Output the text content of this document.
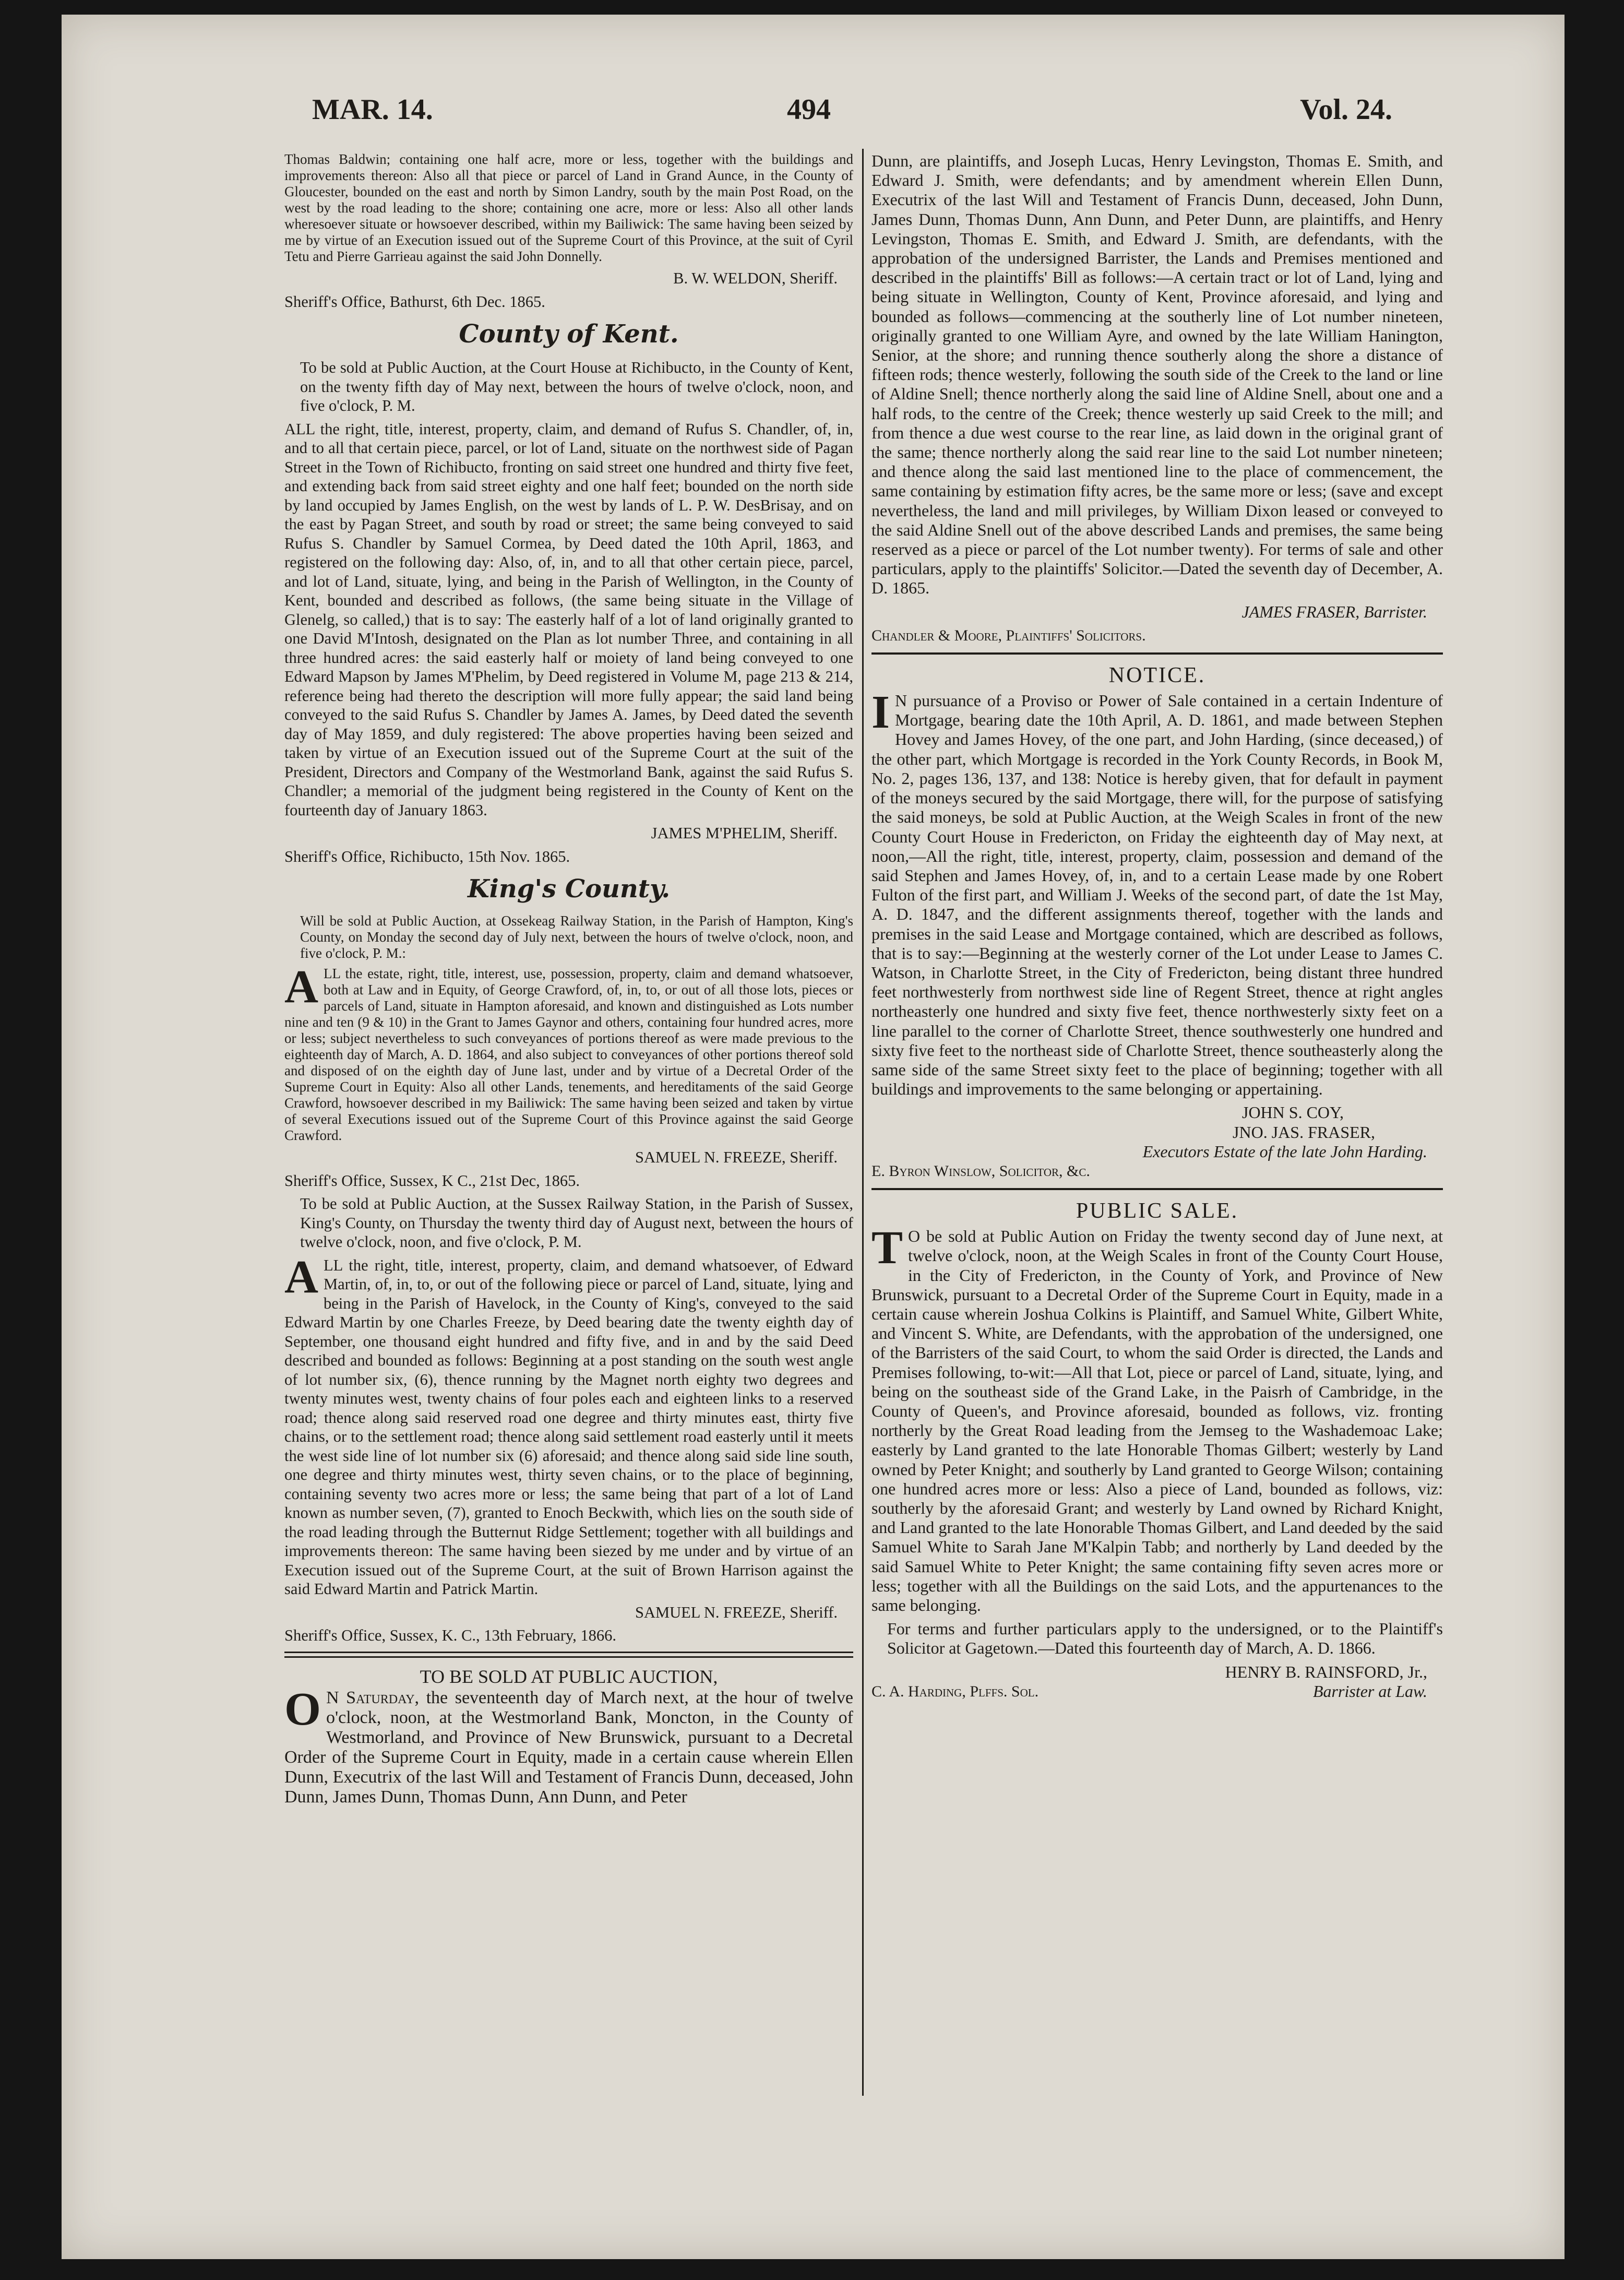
MAR. 14.	494	Vol. 24.

Thomas Baldwin; containing one half acre, more or less, together with the buildings and improvements thereon: Also all that piece or parcel of Land in Grand Aunce, in the County of Gloucester, bounded on the east and north by Simon Landry, south by the main Post Road, on the west by the road leading to the shore; containing one acre, more or less: Also all other lands wheresoever situate or howsoever described, within my Bailiwick: The same having been seized by me by virtue of an Execution issued out of the Supreme Court of this Province, at the suit of Cyril Tetu and Pierre Garrieau against the said John Donnelly.

B. W. WELDON, Sheriff.

Sheriff's Office, Bathurst, 6th Dec. 1865.

County of Kent.

To be sold at Public Auction, at the Court House at Richibucto, in the County of Kent, on the twenty fifth day of May next, between the hours of twelve o'clock, noon, and five o'clock, P. M.

ALL the right, title, interest, property, claim, and demand of Rufus S. Chandler, of, in, and to all that certain piece, parcel, or lot of Land, situate on the northwest side of Pagan Street in the Town of Richibucto, fronting on said street one hundred and thirty five feet, and extending back from said street eighty and one half feet; bounded on the north side by land occupied by James English, on the west by lands of L. P. W. DesBrisay, and on the east by Pagan Street, and south by road or street; the same being conveyed to said Rufus S. Chandler by Samuel Cormea, by Deed dated the 10th April, 1863, and registered on the following day: Also, of, in, and to all that other certain piece, parcel, and lot of Land, situate, lying, and being in the Parish of Wellington, in the County of Kent, bounded and described as follows, (the same being situate in the Village of Glenelg, so called,) that is to say: The easterly half of a lot of land originally granted to one David M'Intosh, designated on the Plan as lot number Three, and containing in all three hundred acres: the said easterly half or moiety of land being conveyed to one Edward Mapson by James M'Phelim, by Deed registered in Volume M, page 213 & 214, reference being had thereto the description will more fully appear; the said land being conveyed to the said Rufus S. Chandler by James A. James, by Deed dated the seventh day of May 1859, and duly registered: The above properties having been seized and taken by virtue of an Execution issued out of the Supreme Court at the suit of the President, Directors and Company of the Westmorland Bank, against the said Rufus S. Chandler; a memorial of the judgment being registered in the County of Kent on the fourteenth day of January 1863.

JAMES M'PHELIM, Sheriff.

Sheriff's Office, Richibucto, 15th Nov. 1865.

King's County.

Will be sold at Public Auction, at Ossekeag Railway Station, in the Parish of Hampton, King's County, on Monday the second day of July next, between the hours of twelve o'clock, noon, and five o'clock, P. M.:

ALL the estate, right, title, interest, use, possession, property, claim and demand whatsoever, both at Law and in Equity, of George Crawford, of, in, to, or out of all those lots, pieces or parcels of Land, situate in Hampton aforesaid, and known and distinguished as Lots number nine and ten (9 & 10) in the Grant to James Gaynor and others, containing four hundred acres, more or less; subject nevertheless to such conveyances of portions thereof as were made previous to the eighteenth day of March, A. D. 1864, and also subject to conveyances of other portions thereof sold and disposed of on the eighth day of June last, under and by virtue of a Decretal Order of the Supreme Court in Equity: Also all other Lands, tenements, and hereditaments of the said George Crawford, howsoever described in my Bailiwick: The same having been seized and taken by virtue of several Executions issued out of the Supreme Court of this Province against the said George Crawford.

SAMUEL N. FREEZE, Sheriff.

Sheriff's Office, Sussex, K C., 21st Dec, 1865.

To be sold at Public Auction, at the Sussex Railway Station, in the Parish of Sussex, King's County, on Thursday the twenty third day of August next, between the hours of twelve o'clock, noon, and five o'clock, P. M.

ALL the right, title, interest, property, claim, and demand whatsoever, of Edward Martin, of, in, to, or out of the following piece or parcel of Land, situate, lying and being in the Parish of Havelock, in the County of King's, conveyed to the said Edward Martin by one Charles Freeze, by Deed bearing date the twenty eighth day of September, one thousand eight hundred and fifty five, and in and by the said Deed described and bounded as follows: Beginning at a post standing on the south west angle of lot number six, (6), thence running by the Magnet north eighty two degrees and twenty minutes west, twenty chains of four poles each and eighteen links to a reserved road; thence along said reserved road one degree and thirty minutes east, thirty five chains, or to the settlement road; thence along said settlement road easterly until it meets the west side line of lot number six (6) aforesaid; and thence along said side line south, one degree and thirty minutes west, thirty seven chains, or to the place of beginning, containing seventy two acres more or less; the same being that part of a lot of Land known as number seven, (7), granted to Enoch Beckwith, which lies on the south side of the road leading through the Butternut Ridge Settlement; together with all buildings and improvements thereon: The same having been siezed by me under and by virtue of an Execution issued out of the Supreme Court, at the suit of Brown Harrison against the said Edward Martin and Patrick Martin.

SAMUEL N. FREEZE, Sheriff.

Sheriff's Office, Sussex, K. C., 13th February, 1866.

TO BE SOLD AT PUBLIC AUCTION,

O N Saturday, the seventeenth day of March next, at the hour of twelve o'clock, noon, at the Westmorland Bank, Moncton, in the County of Westmorland, and Province of New Brunswick, pursuant to a Decretal Order of the Supreme Court in Equity, made in a certain cause wherein Ellen Dunn, Executrix of the last Will and Testament of Francis Dunn, deceased, John Dunn, James Dunn, Thomas Dunn, Ann Dunn, and Peter

Dunn, are plaintiffs, and Joseph Lucas, Henry Levingston, Thomas E. Smith, and Edward J. Smith, were defendants; and by amendment wherein Ellen Dunn, Executrix of the last Will and Testament of Francis Dunn, deceased, John Dunn, James Dunn, Thomas Dunn, Ann Dunn, and Peter Dunn, are plaintiffs, and Henry Levingston, Thomas E. Smith, and Edward J. Smith, are defendants, with the approbation of the undersigned Barrister, the Lands and Premises mentioned and described in the plaintiffs' Bill as follows:—A certain tract or lot of Land, lying and being situate in Wellington, County of Kent, Province aforesaid, and lying and bounded as follows—commencing at the southerly line of Lot number nineteen, originally granted to one William Ayre, and owned by the late William Hanington, Senior, at the shore; and running thence southerly along the shore a distance of fifteen rods; thence westerly, following the south side of the Creek to the land or line of Aldine Snell; thence northerly along the said line of Aldine Snell, about one and a half rods, to the centre of the Creek; thence westerly up said Creek to the mill; and from thence a due west course to the rear line, as laid down in the original grant of the same; thence northerly along the said rear line to the said Lot number nineteen; and thence along the said last mentioned line to the place of commencement, the same containing by estimation fifty acres, be the same more or less; (save and except nevertheless, the land and mill privileges, by William Dixon leased or conveyed to the said Aldine Snell out of the above described Lands and premises, the same being reserved as a piece or parcel of the Lot number twenty). For terms of sale and other particulars, apply to the plaintiffs' Solicitor.—Dated the seventh day of December, A. D. 1865.

JAMES FRASER, Barrister.

Chandler & Moore, Plaintiffs' Solicitors.

NOTICE.

I N pursuance of a Proviso or Power of Sale contained in a certain Indenture of Mortgage, bearing date the 10th April, A. D. 1861, and made between Stephen Hovey and James Hovey, of the one part, and John Harding, (since deceased,) of the other part, which Mortgage is recorded in the York County Records, in Book M, No. 2, pages 136, 137, and 138: Notice is hereby given, that for default in payment of the moneys secured by the said Mortgage, there will, for the purpose of satisfying the said moneys, be sold at Public Auction, at the Weigh Scales in front of the new County Court House in Fredericton, on Friday the eighteenth day of May next, at noon,—All the right, title, interest, property, claim, possession and demand of the said Stephen and James Hovey, of, in, and to a certain Lease made by one Robert Fulton of the first part, and William J. Weeks of the second part, of date the 1st May, A. D. 1847, and the different assignments thereof, together with the lands and premises in the said Lease and Mortgage contained, which are described as follows, that is to say:—Beginning at the westerly corner of the Lot under Lease to James C. Watson, in Charlotte Street, in the City of Fredericton, being distant three hundred feet northwesterly from northwest side line of Regent Street, thence at right angles northeasterly one hundred and sixty five feet, thence northwesterly sixty feet on a line parallel to the corner of Charlotte Street, thence southwesterly one hundred and sixty five feet to the northeast side of Charlotte Street, thence southeasterly along the same side of the same Street sixty feet to the place of beginning; together with all buildings and improvements to the same belonging or appertaining.

JOHN S. COY,

JNO. JAS. FRASER,

Executors Estate of the late John Harding.

E. Byron Winslow, Solicitor, &c.

PUBLIC SALE.

T O be sold at Public Aution on Friday the twenty second day of June next, at twelve o'clock, noon, at the Weigh Scales in front of the County Court House, in the City of Fredericton, in the County of York, and Province of New Brunswick, pursuant to a Decretal Order of the Supreme Court in Equity, made in a certain cause wherein Joshua Colkins is Plaintiff, and Samuel White, Gilbert White, and Vincent S. White, are Defendants, with the approbation of the undersigned, one of the Barristers of the said Court, to whom the said Order is directed, the Lands and Premises following, to-wit:—All that Lot, piece or parcel of Land, situate, lying, and being on the southeast side of the Grand Lake, in the Paisrh of Cambridge, in the County of Queen's, and Province aforesaid, bounded as follows, viz. fronting northerly by the Great Road leading from the Jemseg to the Washademoac Lake; easterly by Land granted to the late Honorable Thomas Gilbert; westerly by Land owned by Peter Knight; and southerly by Land granted to George Wilson; containing one hundred acres more or less: Also a piece of Land, bounded as follows, viz: southerly by the aforesaid Grant; and westerly by Land owned by Richard Knight, and Land granted to the late Honorable Thomas Gilbert, and Land deeded by the said Samuel White to Sarah Jane M'Kalpin Tabb; and northerly by Land deeded by the said Samuel White to Peter Knight; the same containing fifty seven acres more or less; together with all the Buildings on the said Lots, and the appurtenances to the same belonging.

For terms and further particulars apply to the undersigned, or to the Plaintiff's Solicitor at Gagetown.—Dated this fourteenth day of March, A. D. 1866.

HENRY B. RAINSFORD, Jr.,

C. A. Harding, Plffs. Sol.	Barrister at Law.
